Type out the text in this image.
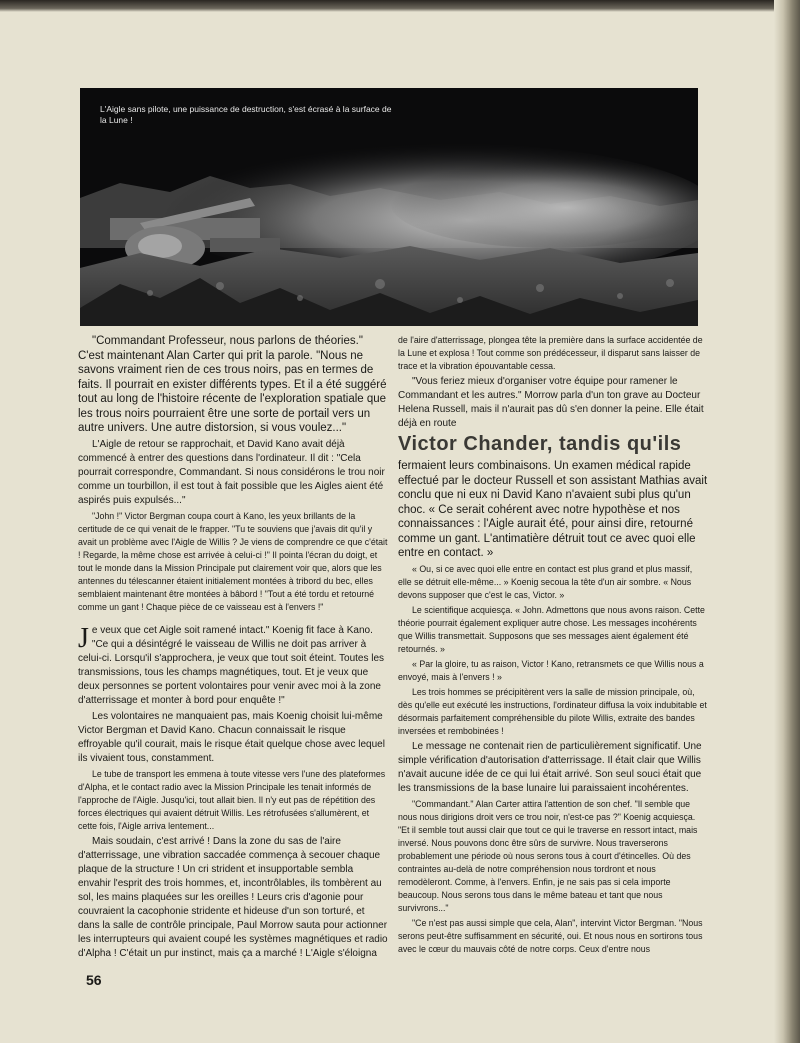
L'Aigle sans pilote, une puissance de destruction, s'est écrasé à la surface de la Lune !

"Commandant Professeur, nous parlons de théories." C'est maintenant Alan Carter qui prit la parole. "Nous ne savons vraiment rien de ces trous noirs, pas en termes de faits. Il pourrait en exister différents types. Et il a été suggéré tout au long de l'histoire récente de l'exploration spatiale que les trous noirs pourraient être une sorte de portail vers un autre univers. Une autre distorsion, si vous voulez..."

L'Aigle de retour se rapprochait, et David Kano avait déjà commencé à entrer des questions dans l'ordinateur. Il dit : "Cela pourrait correspondre, Commandant. Si nous considérons le trou noir comme un tourbillon, il est tout à fait possible que les Aigles aient été aspirés puis expulsés..."

"John !" Victor Bergman coupa court à Kano, les yeux brillants de la certitude de ce qui venait de le frapper. "Tu te souviens que j'avais dit qu'il y avait un problème avec l'Aigle de Willis ? Je viens de comprendre ce que c'était ! Regarde, la même chose est arrivée à celui-ci !" Il pointa l'écran du doigt, et tout le monde dans la Mission Principale put clairement voir que, alors que les antennes du télescanner étaient initialement montées à tribord du bec, elles semblaient maintenant être montées à bâbord ! "Tout a été tordu et retourné comme un gant ! Chaque pièce de ce vaisseau est à l'envers !"

J e veux que cet Aigle soit ramené intact." Koenig fit face à Kano. "Ce qui a désintégré le vaisseau de Willis ne doit pas arriver à celui-ci. Lorsqu'il s'approchera, je veux que tout soit éteint. Toutes les transmissions, tous les champs magnétiques, tout. Et je veux que deux personnes se portent volontaires pour venir avec moi à la zone d'atterrissage et monter à bord pour enquête !"

Les volontaires ne manquaient pas, mais Koenig choisit lui-même Victor Bergman et David Kano. Chacun connaissait le risque effroyable qu'il courait, mais le risque était quelque chose avec lequel ils vivaient tous, constamment.

Le tube de transport les emmena à toute vitesse vers l'une des plateformes d'Alpha, et le contact radio avec la Mission Principale les tenait informés de l'approche de l'Aigle. Jusqu'ici, tout allait bien. Il n'y eut pas de répétition des forces électriques qui avaient détruit Willis. Les rétrofusées s'allumèrent, et cette fois, l'Aigle arriva lentement...

Mais soudain, c'est arrivé ! Dans la zone du sas de l'aire d'atterrissage, une vibration saccadée commença à secouer chaque plaque de la structure ! Un cri strident et insupportable sembla envahir l'esprit des trois hommes, et, incontrôlables, ils tombèrent au sol, les mains plaquées sur les oreilles ! Leurs cris d'agonie pour couvraient la cacophonie stridente et hideuse d'un son torturé, et dans la salle de contrôle principale, Paul Morrow sauta pour actionner les interrupteurs qui avaient coupé les systèmes magnétiques et radio d'Alpha ! C'était un pur instinct, mais ça a marché ! L'Aigle s'éloigna

de l'aire d'atterrissage, plongea tête la première dans la surface accidentée de la Lune et explosa ! Tout comme son prédécesseur, il disparut sans laisser de trace et la vibration épouvantable cessa.

"Vous feriez mieux d'organiser votre équipe pour ramener le Commandant et les autres." Morrow parla d'un ton grave au Docteur Helena Russell, mais il n'aurait pas dû s'en donner la peine. Elle était déjà en route

Victor Chander, tandis qu'ils

fermaient leurs combinaisons. Un examen médical rapide effectué par le docteur Russell et son assistant Mathias avait conclu que ni eux ni David Kano n'avaient subi plus qu'un choc. « Ce serait cohérent avec notre hypothèse et nos connaissances : l'Aigle aurait été, pour ainsi dire, retourné comme un gant. L'antimatière détruit tout ce avec quoi elle entre en contact. »

« Ou, si ce avec quoi elle entre en contact est plus grand et plus massif, elle se détruit elle-même... » Koenig secoua la tête d'un air sombre. « Nous devons supposer que c'est le cas, Victor. »

Le scientifique acquiesça. « John. Admettons que nous avons raison. Cette théorie pourrait également expliquer autre chose. Les messages incohérents que Willis transmettait. Supposons que ses messages aient également été retournés. »

« Par la gloire, tu as raison, Victor ! Kano, retransmets ce que Willis nous a envoyé, mais à l'envers ! »

Les trois hommes se précipitèrent vers la salle de mission principale, où, dès qu'elle eut exécuté les instructions, l'ordinateur diffusa la voix indubitable et désormais parfaitement compréhensible du pilote Willis, extraite des bandes inversées et rembobinées !

Le message ne contenait rien de particulièrement significatif. Une simple vérification d'autorisation d'atterrissage. Il était clair que Willis n'avait aucune idée de ce qui lui était arrivé. Son seul souci était que les transmissions de la base lunaire lui paraissaient incohérentes.

"Commandant." Alan Carter attira l'attention de son chef. "Il semble que nous nous dirigions droit vers ce trou noir, n'est-ce pas ?" Koenig acquiesça. "Et il semble tout aussi clair que tout ce qui le traverse en ressort intact, mais inversé. Nous pouvons donc être sûrs de survivre. Nous traverserons probablement une période où nous serons tous à court d'étincelles. Où des contraintes au-delà de notre compréhension nous tordront et nous remodèleront. Comme, à l'envers. Enfin, je ne sais pas si cela importe beaucoup. Nous serons tous dans le même bateau et tant que nous survivrons..."

"Ce n'est pas aussi simple que cela, Alan", intervint Victor Bergman. "Nous serons peut-être suffisamment en sécurité, oui. Et nous nous en sortirons tous avec le cœur du mauvais côté de notre corps. Ceux d'entre nous

56
